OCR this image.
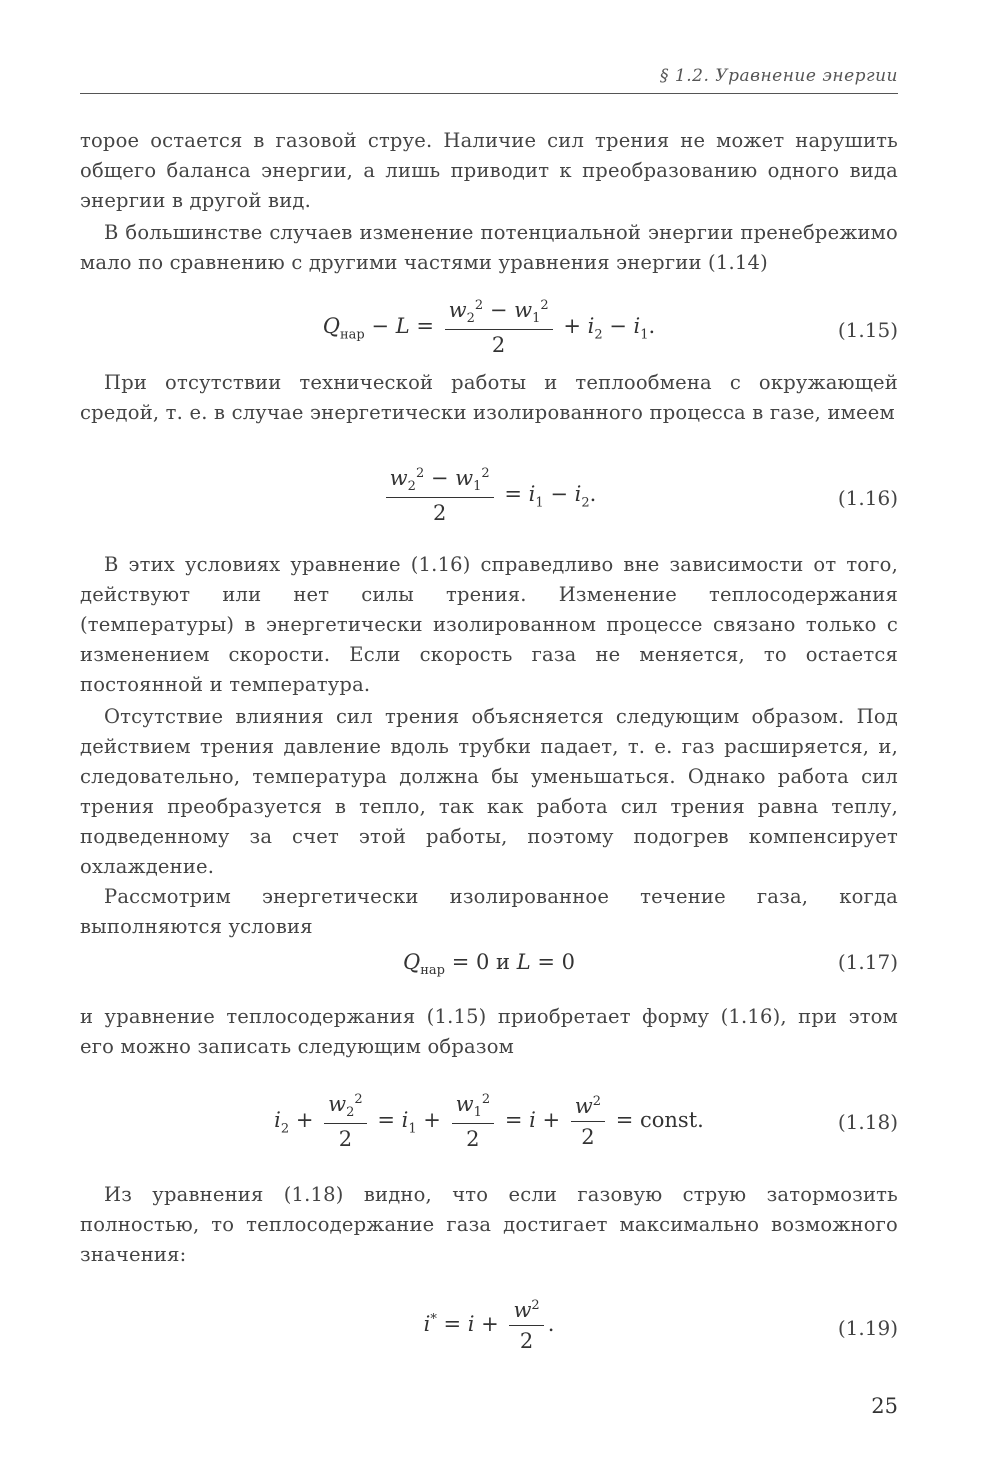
§ 1.2. Уравнение энергии

торое остается в газовой струе. Наличие сил трения не может нарушить общего баланса энергии, а лишь приводит к преобразованию одного вида энергии в другой вид.

В большинстве случаев изменение потенциальной энергии пренебрежимо мало по сравнению с другими частями уравнения энергии (1.14)

$Q_{нар} - L = \frac{w_2^2 - w_1^2}{2} + i_2 - i_1$.	(1.15)

При отсутствии технической работы и теплообмена с окружающей средой, т. е. в случае энергетически изолированного процесса в газе, имеем

$\frac{w_2^2 - w_1^2}{2} = i_1 - i_2$.	(1.16)

В этих условиях уравнение (1.16) справедливо вне зависимости от того, действуют или нет силы трения. Изменение теплосодержания (температуры) в энергетически изолированном процессе связано только с изменением скорости. Если скорость газа не меняется, то остается постоянной и температура.

Отсутствие влияния сил трения объясняется следующим образом. Под действием трения давление вдоль трубки падает, т. е. газ расширяется, и, следовательно, температура должна бы уменьшаться. Однако работа сил трения преобразуется в тепло, так как работа сил трения равна теплу, подведенному за счет этой работы, поэтому подогрев компенсирует охлаждение.

Рассмотрим энергетически изолированное течение газа, когда выполняются условия

$Q_{нар} = 0$ и L = 0	(1.17)

и уравнение теплосодержания (1.15) приобретает форму (1.16), при этом его можно записать следующим образом

$i_2 + \frac{w_2^2}{2} = i_1 + \frac{w_1^2}{2} = i + \frac{w^2}{2}$ = const.	(1.18)

Из уравнения (1.18) видно, что если газовую струю затормозить полностью, то теплосодержание газа достигает максимально возможного значения:

$i^* = i + \frac{w^2}{2}$ .	(1.19)
25
